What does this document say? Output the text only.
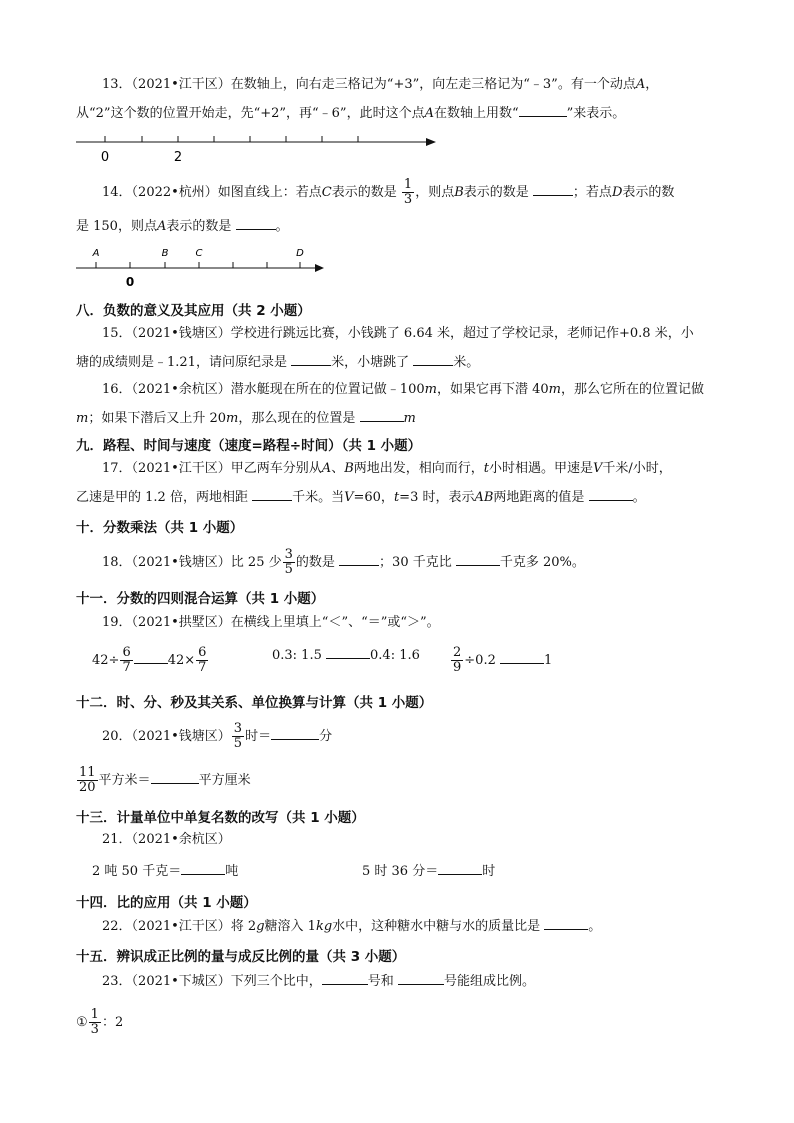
13．（2021•江干区）在数轴上，向右走三格记为“+3”，向左走三格记为“﹣3”。有一个动点A，
从“2”这个数的位置开始走，先“+2”，再“﹣6”，此时这个点A在数轴上用数“	”来表示。
0	2
14．（2022•杭州）如图直线上：若点C表示的数是 $\frac{1}{3}$ ，则点B表示的数是	；若点D表示的数
是 150，则点A表示的数是	。
A	B	C	D
0
八．负数的意义及其应用（共 2 小题）
15．（2021•钱塘区）学校进行跳远比赛，小钱跳了 6.64 米，超过了学校记录，老师记作+0.8 米，小
塘的成绩则是﹣1.21，请问原纪录是	米，小塘跳了	米。
16．（2021•余杭区）潜水艇现在所在的位置记做﹣100m，如果它再下潜 40m，那么它所在的位置记做
m；如果下潜后又上升 20m，那么现在的位置是	m
九．路程、时间与速度（速度=路程÷时间）（共 1 小题）
17．（2021•江干区）甲乙两车分别从A、B两地出发，相向而行，t小时相遇。甲速是V千米/小时，
乙速是甲的 1.2 倍，两地相距	千米。当V=60，t=3 时，表示AB两地距离的值是	。
十．分数乘法（共 1 小题）
18．（2021•钱塘区）比 25 少 $\frac{3}{5}$ 的数是	；30 千克比	千克多 20%。
十一．分数的四则混合运算（共 1 小题）
19．（2021•拱墅区）在横线上里填上“＜”、“＝”或“＞”。
$42\div \frac{6}{7}$	$42\times \frac{6}{7}$	0.3: 1.5	0.4: $1.6 \frac{2}{9} \div 0.2$	1
十二．时、分、秒及其关系、单位换算与计算（共 1 小题）
20．（2021•钱塘区） $\frac{3}{5}$ 时＝	分
$\frac{11}{20}$ 平方米＝	平方厘米
十三．计量单位中单复名数的改写（共 1 小题）
21．（2021•余杭区）
2 吨 50 千克＝	吨	5 时 36 分＝	时
十四．比的应用（共 1 小题）
22．（2021•江干区）将 2g糖溶入 1kg水中，这种糖水中糖与水的质量比是	。
十五．辨识成正比例的量与成反比例的量（共 3 小题）
23．（2021•下城区）下列三个比中，	号和	号能组成比例。
① $\frac{1}{3}$ ：2
